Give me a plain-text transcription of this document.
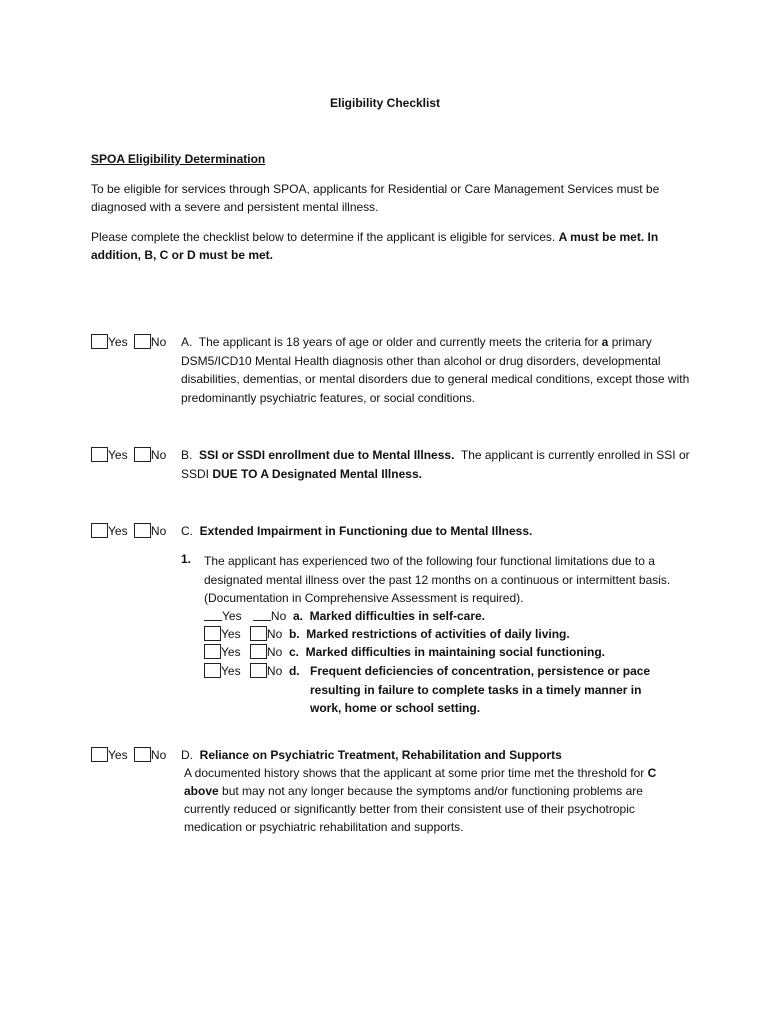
Eligibility Checklist
SPOA Eligibility Determination
To be eligible for services through SPOA, applicants for Residential or Care Management Services must be diagnosed with a severe and persistent mental illness.
Please complete the checklist below to determine if the applicant is eligible for services. A must be met. In addition, B, C or D must be met.
Yes No A. The applicant is 18 years of age or older and currently meets the criteria for a primary DSM5/ICD10 Mental Health diagnosis other than alcohol or drug disorders, developmental disabilities, dementias, or mental disorders due to general medical conditions, except those with predominantly psychiatric features, or social conditions.
Yes No B. SSI or SSDI enrollment due to Mental Illness. The applicant is currently enrolled in SSI or SSDI DUE TO A Designated Mental Illness.
Yes No C. Extended Impairment in Functioning due to Mental Illness.
1. The applicant has experienced two of the following four functional limitations due to a designated mental illness over the past 12 months on a continuous or intermittent basis. (Documentation in Comprehensive Assessment is required).
Yes No a. Marked difficulties in self-care.
Yes No b. Marked restrictions of activities of daily living.
Yes No c. Marked difficulties in maintaining social functioning.
Yes No d. Frequent deficiencies of concentration, persistence or pace resulting in failure to complete tasks in a timely manner in work, home or school setting.
Yes No D. Reliance on Psychiatric Treatment, Rehabilitation and Supports
A documented history shows that the applicant at some prior time met the threshold for C above but may not any longer because the symptoms and/or functioning problems are currently reduced or significantly better from their consistent use of their psychotropic medication or psychiatric rehabilitation and supports.
